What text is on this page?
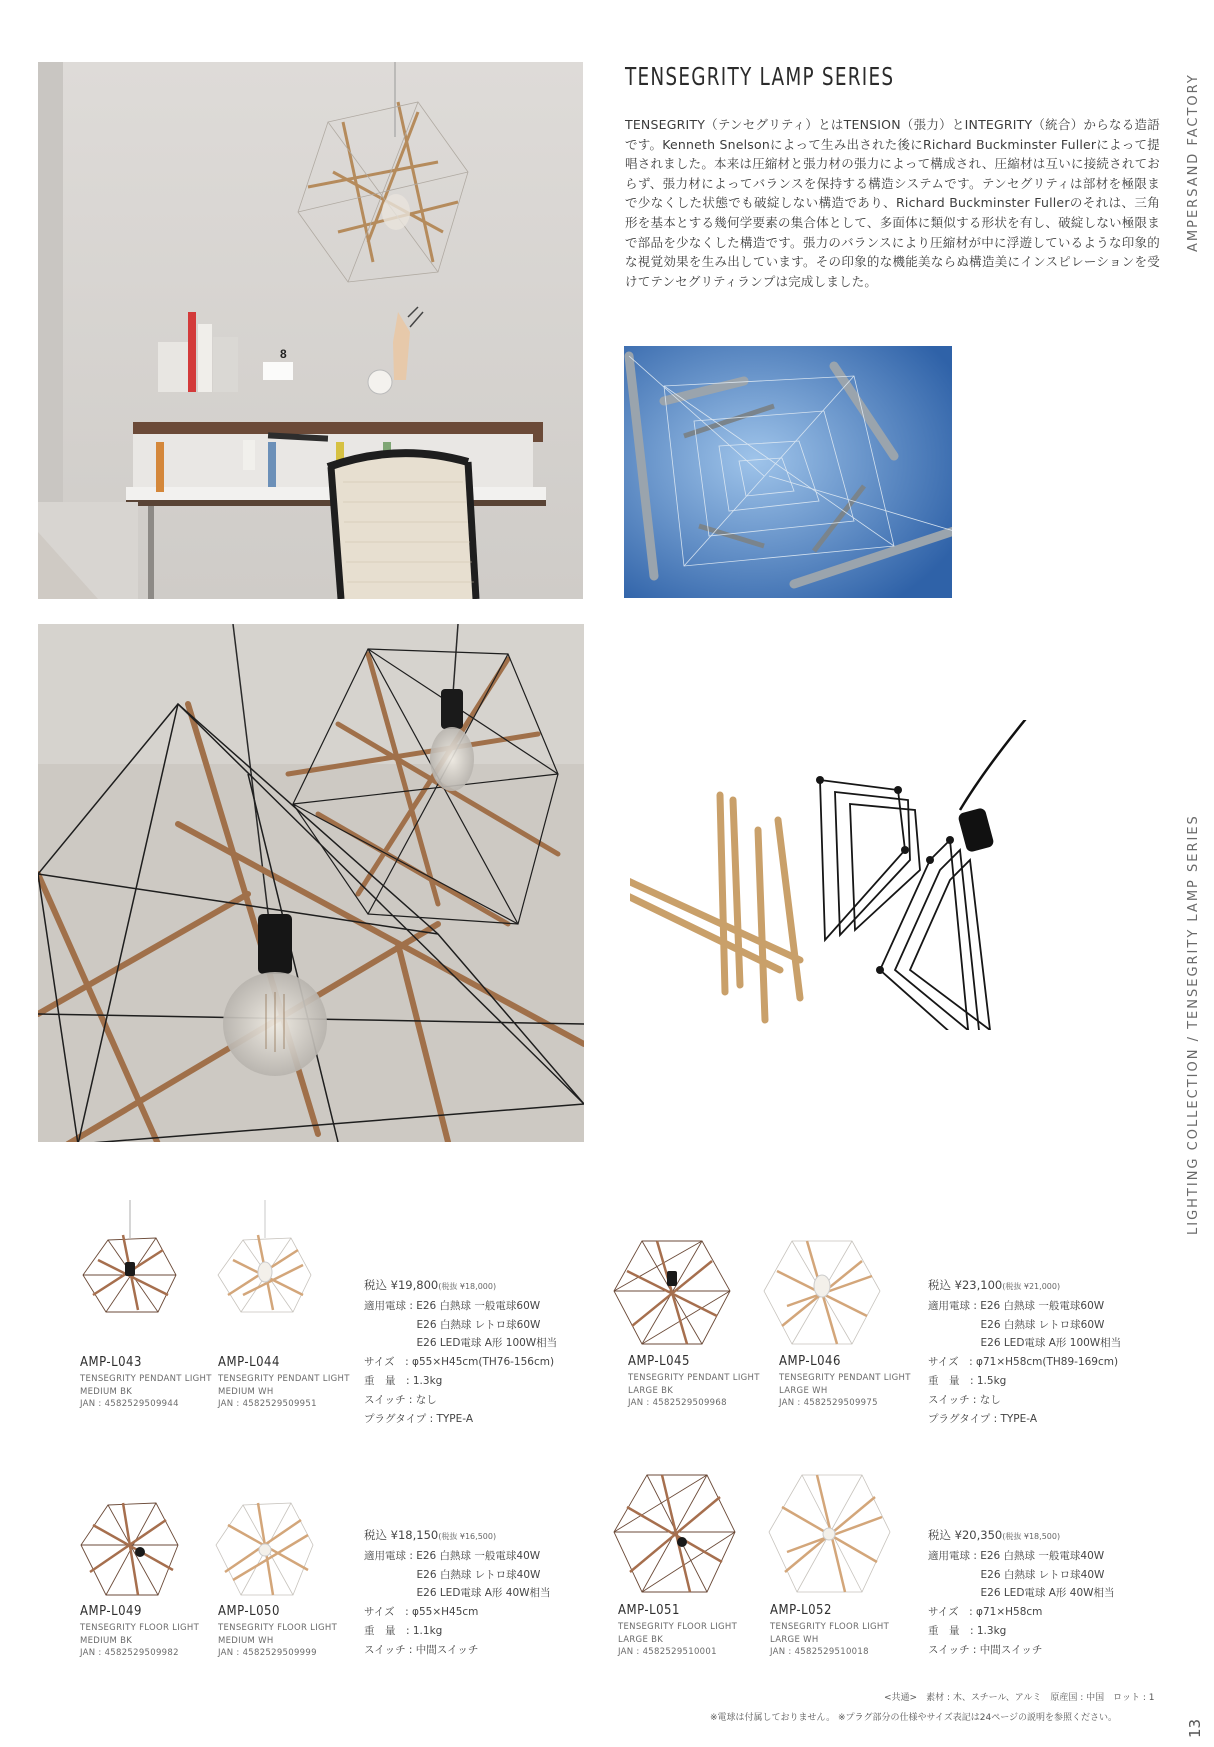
8
TENSEGRITY LAMP SERIES

TENSEGRITY（テンセグリティ）とはTENSION（張力）とINTEGRITY（統合）からなる造語です。Kenneth Snelsonによって生み出された後にRichard Buckminster Fullerによって提唱されました。本来は圧縮材と張力材の張力によって構成され、圧縮材は互いに接続されておらず、張力材によってバランスを保持する構造システムです。テンセグリティは部材を極限まで少なくした状態でも破綻しない構造であり、Richard Buckminster Fullerのそれは、三角形を基本とする幾何学要素の集合体として、多面体に類似する形状を有し、破綻しない極限まで部品を少なくした構造です。張力のバランスにより圧縮材が中に浮遊しているような印象的な視覚効果を生み出しています。その印象的な機能美ならぬ構造美にインスピレーションを受けてテンセグリティランプは完成しました。

AMPERSAND FACTORY
LIGHTING COLLECTION / TENSEGRITY LAMP SERIES
13
AMP-L043
TENSEGRITY PENDANT LIGHT
MEDIUM BK
JAN : 4582529509944
AMP-L044
TENSEGRITY PENDANT LIGHT
MEDIUM WH
JAN : 4582529509951
AMP-L045
TENSEGRITY PENDANT LIGHT
LARGE BK
JAN : 4582529509968
AMP-L046
TENSEGRITY PENDANT LIGHT
LARGE WH
JAN : 4582529509975
AMP-L049
TENSEGRITY FLOOR LIGHT
MEDIUM BK
JAN : 4582529509982
AMP-L050
TENSEGRITY FLOOR LIGHT
MEDIUM WH
JAN : 4582529509999
AMP-L051
TENSEGRITY FLOOR LIGHT
LARGE BK
JAN : 4582529510001
AMP-L052
TENSEGRITY FLOOR LIGHT
LARGE WH
JAN : 4582529510018
税込 ¥19,800(税抜 ¥18,000)
適用電球 : E26 白熱球 一般電球60W
　　　　　E26 白熱球 レトロ球60W
　　　　　E26 LED電球 A形 100W相当
サイズ　: φ55×H45cm(TH76-156cm)
重　量　: 1.3kg
スイッチ : なし
プラグタイプ : TYPE-A
税込 ¥23,100(税抜 ¥21,000)
適用電球 : E26 白熱球 一般電球60W
　　　　　E26 白熱球 レトロ球60W
　　　　　E26 LED電球 A形 100W相当
サイズ　: φ71×H58cm(TH89-169cm)
重　量　: 1.5kg
スイッチ : なし
プラグタイプ : TYPE-A
税込 ¥18,150(税抜 ¥16,500)
適用電球 : E26 白熱球 一般電球40W
　　　　　E26 白熱球 レトロ球40W
　　　　　E26 LED電球 A形 40W相当
サイズ　: φ55×H45cm
重　量　: 1.1kg
スイッチ : 中間スイッチ
税込 ¥20,350(税抜 ¥18,500)
適用電球 : E26 白熱球 一般電球40W
　　　　　E26 白熱球 レトロ球40W
　　　　　E26 LED電球 A形 40W相当
サイズ　: φ71×H58cm
重　量　: 1.3kg
スイッチ : 中間スイッチ
<共通>　素材 : 木、スチール、アルミ　原産国 : 中国　ロット : 1
※電球は付属しておりません。 ※プラグ部分の仕様やサイズ表記は24ページの説明を参照ください。
